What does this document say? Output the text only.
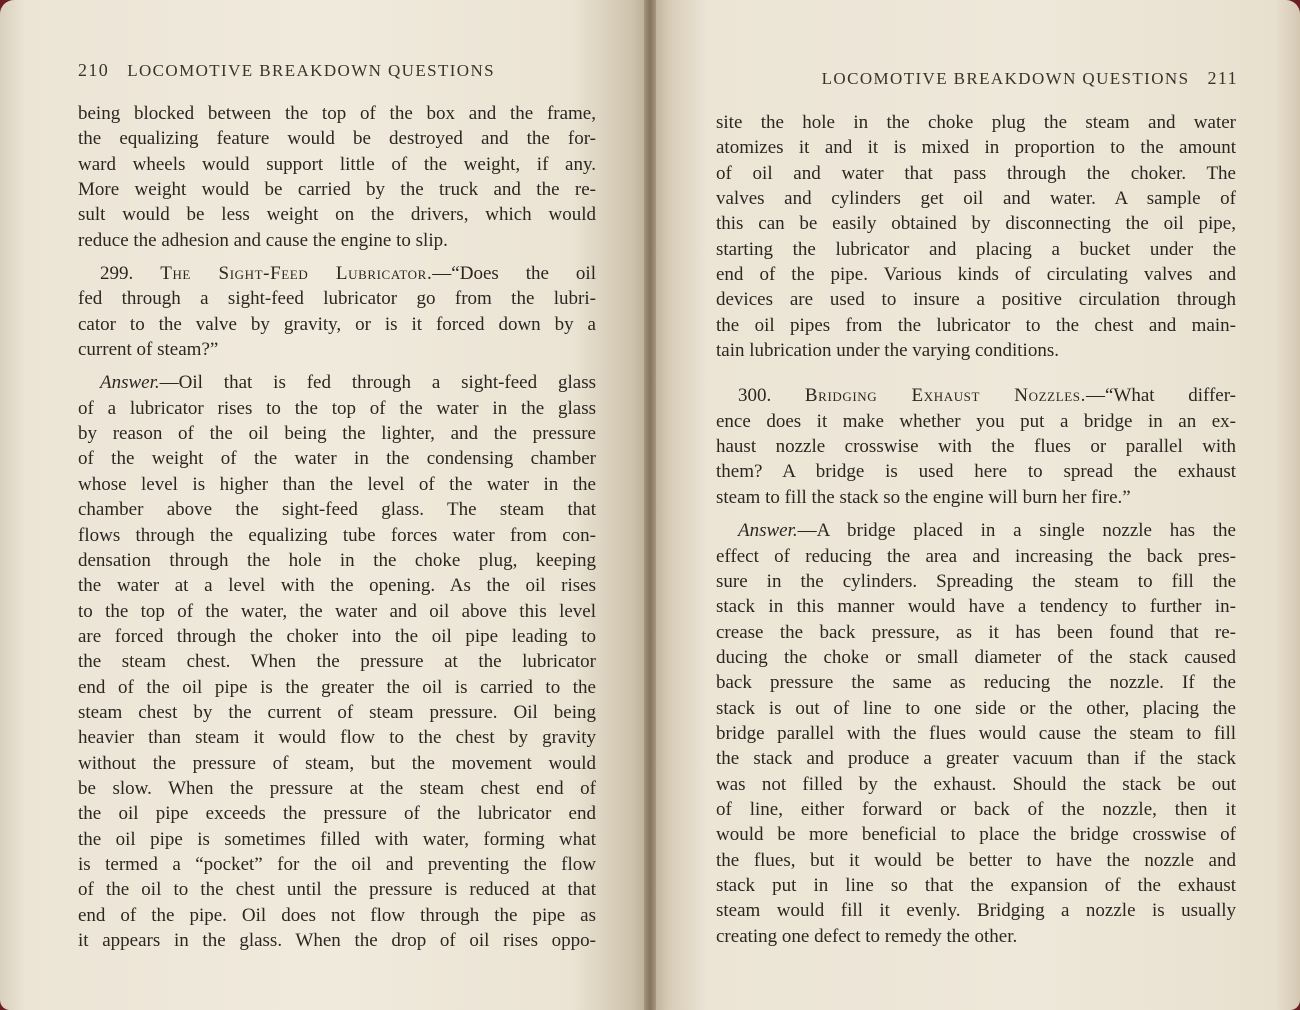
210 LOCOMOTIVE BREAKDOWN QUESTIONS
being blocked between the top of the box and the frame,
the equalizing feature would be destroyed and the for-
ward wheels would support little of the weight, if any.
More weight would be carried by the truck and the re-
sult would be less weight on the drivers, which would
reduce the adhesion and cause the engine to slip.
299. The Sight-Feed Lubricator.—“Does the oil
fed through a sight-feed lubricator go from the lubri-
cator to the valve by gravity, or is it forced down by a
current of steam?”
Answer.—Oil that is fed through a sight-feed glass
of a lubricator rises to the top of the water in the glass
by reason of the oil being the lighter, and the pressure
of the weight of the water in the condensing chamber
whose level is higher than the level of the water in the
chamber above the sight-feed glass. The steam that
flows through the equalizing tube forces water from con-
densation through the hole in the choke plug, keeping
the water at a level with the opening. As the oil rises
to the top of the water, the water and oil above this level
are forced through the choker into the oil pipe leading to
the steam chest. When the pressure at the lubricator
end of the oil pipe is the greater the oil is carried to the
steam chest by the current of steam pressure. Oil being
heavier than steam it would flow to the chest by gravity
without the pressure of steam, but the movement would
be slow. When the pressure at the steam chest end of
the oil pipe exceeds the pressure of the lubricator end
the oil pipe is sometimes filled with water, forming what
is termed a “pocket” for the oil and preventing the flow
of the oil to the chest until the pressure is reduced at that
end of the pipe. Oil does not flow through the pipe as
it appears in the glass. When the drop of oil rises oppo-
LOCOMOTIVE BREAKDOWN QUESTIONS 211
site the hole in the choke plug the steam and water
atomizes it and it is mixed in proportion to the amount
of oil and water that pass through the choker. The
valves and cylinders get oil and water. A sample of
this can be easily obtained by disconnecting the oil pipe,
starting the lubricator and placing a bucket under the
end of the pipe. Various kinds of circulating valves and
devices are used to insure a positive circulation through
the oil pipes from the lubricator to the chest and main-
tain lubrication under the varying conditions.
300. Bridging Exhaust Nozzles.—“What differ-
ence does it make whether you put a bridge in an ex-
haust nozzle crosswise with the flues or parallel with
them? A bridge is used here to spread the exhaust
steam to fill the stack so the engine will burn her fire.”
Answer.—A bridge placed in a single nozzle has the
effect of reducing the area and increasing the back pres-
sure in the cylinders. Spreading the steam to fill the
stack in this manner would have a tendency to further in-
crease the back pressure, as it has been found that re-
ducing the choke or small diameter of the stack caused
back pressure the same as reducing the nozzle. If the
stack is out of line to one side or the other, placing the
bridge parallel with the flues would cause the steam to fill
the stack and produce a greater vacuum than if the stack
was not filled by the exhaust. Should the stack be out
of line, either forward or back of the nozzle, then it
would be more beneficial to place the bridge crosswise of
the flues, but it would be better to have the nozzle and
stack put in line so that the expansion of the exhaust
steam would fill it evenly. Bridging a nozzle is usually
creating one defect to remedy the other.
